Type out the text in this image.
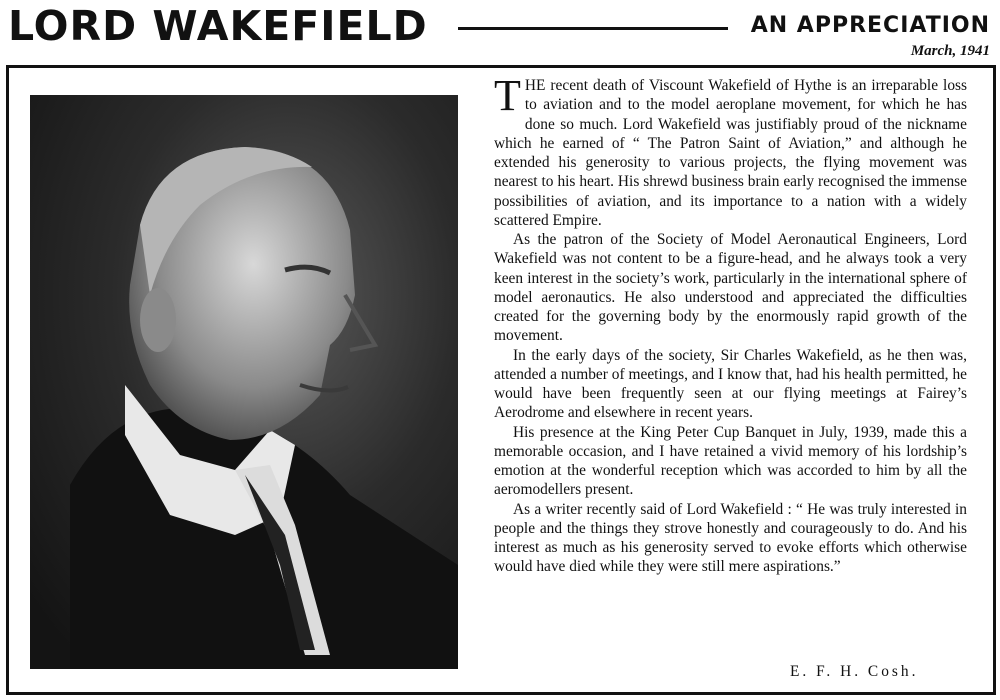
LORD WAKEFIELD	AN APPRECIATION
March, 1941

THE recent death of Viscount Wakefield of Hythe is an irreparable loss to aviation and to the model aeroplane movement, for which he has done so much. Lord Wakefield was justifiably proud of the nickname which he earned of “ The Patron Saint of Aviation,” and although he extended his generosity to various projects, the flying movement was nearest to his heart. His shrewd business brain early recognised the immense possibilities of aviation, and its importance to a nation with a widely scattered Empire.

As the patron of the Society of Model Aeronautical Engineers, Lord Wakefield was not content to be a figure-head, and he always took a very keen interest in the society’s work, particularly in the international sphere of model aeronautics. He also understood and appreciated the difficulties created for the governing body by the enormously rapid growth of the movement.

In the early days of the society, Sir Charles Wakefield, as he then was, attended a number of meetings, and I know that, had his health permitted, he would have been frequently seen at our flying meetings at Fairey’s Aerodrome and elsewhere in recent years.

His presence at the King Peter Cup Banquet in July, 1939, made this a memorable occasion, and I have retained a vivid memory of his lordship’s emotion at the wonderful reception which was accorded to him by all the aeromodellers present.

As a writer recently said of Lord Wakefield : “ He was truly interested in people and the things they strove honestly and courageously to do. And his interest as much as his generosity served to evoke efforts which otherwise would have died while they were still mere aspirations.”

E. F. H. Cosh.
